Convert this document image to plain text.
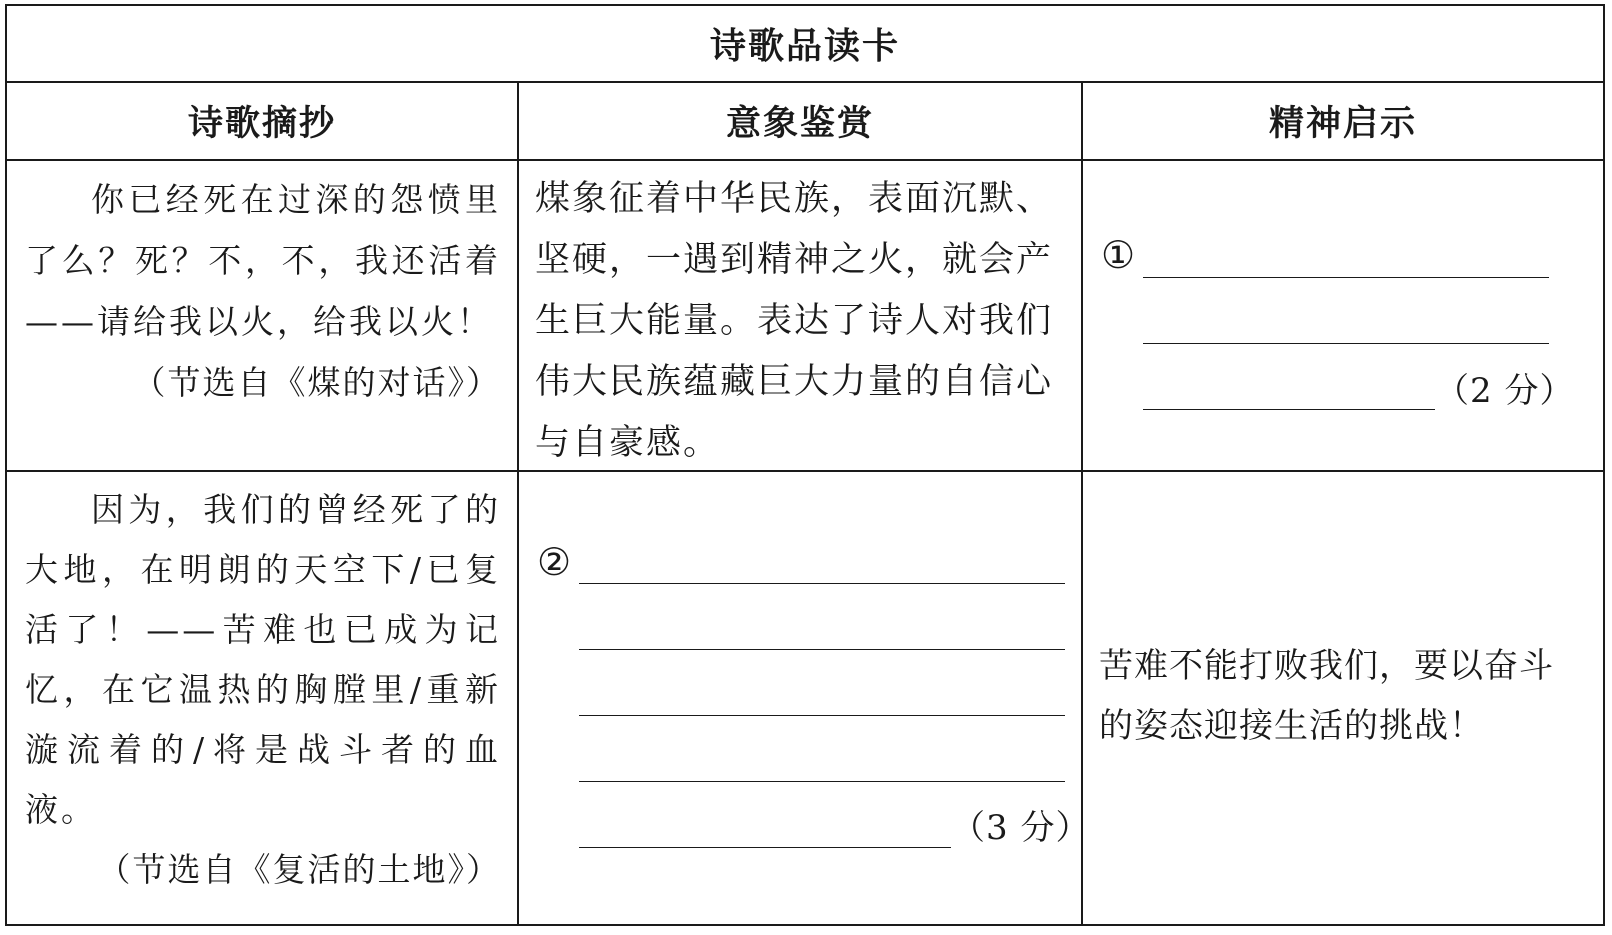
诗歌品读卡
诗歌摘抄	意象鉴赏	精神启示

你已经死在过深的怨愤里了么？死？不，不，我还活着——请给我以火，给我以火！

（节选自《煤的对话》）
煤象征着中华民族，表面沉默、坚硬，一遇到精神之火，就会产生巨大能量。表达了诗人对我们伟大民族蕴藏巨大力量的自信心与自豪感。
①
（2 分）

因为，我们的曾经死了的大地，在明朗的天空下/已复活了！——苦难也已成为记忆，在它温热的胸膛里/重新漩流着的/将是战斗者的血液。

（节选自《复活的土地》）
②
（3 分）
苦难不能打败我们，要以奋斗的姿态迎接生活的挑战！
